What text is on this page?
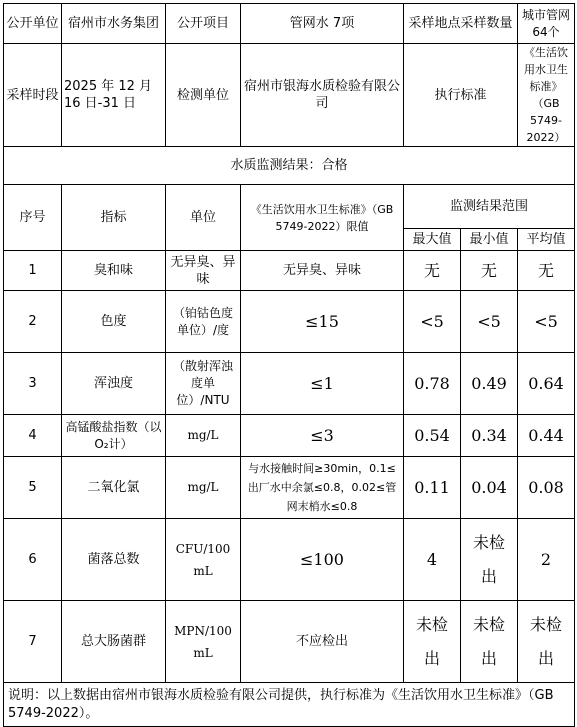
公开单位	宿州市水务集团	公开项目	管网水 7项	采样地点采样数量		城市管网 64个
采样时段	2025 年 12 月 16 日-31 日	检测单位	宿州市银海水质检验有限公司	执行标准		《生活饮用水卫生标准》（GB 5749-2022）
水质监测结果：合格						
序号	指标	单位	《生活饮用水卫生标准》（GB 5749-2022）限值	监测结果范围		
				最大值	最小值	平均值
1	臭和味	无异臭、异味	无异臭、异味	无	无	无
2	色度	（铂钴色度单位）/度	≤15	<5	<5	<5
3	浑浊度	（散射浑浊度单位）/NTU	≤1	0.78	0.49	0.64
4	高锰酸盐指数（以 O₂计）	mg/L	≤3	0.54	0.34	0.44
5	二氧化氯	mg/L	与水接触时间≥30min，0.1≤出厂水中余氯≤0.8，0.02≤管网末梢水≤0.8	0.11	0.04	0.08
6	菌落总数	CFU/100 mL	≤100	4	未检出	2
7	总大肠菌群	MPN/100 mL	不应检出	未检出	未检出	未检出
说明：以上数据由宿州市银海水质检验有限公司提供，执行标准为《生活饮用水卫生标准》（GB 5749-2022）。						
